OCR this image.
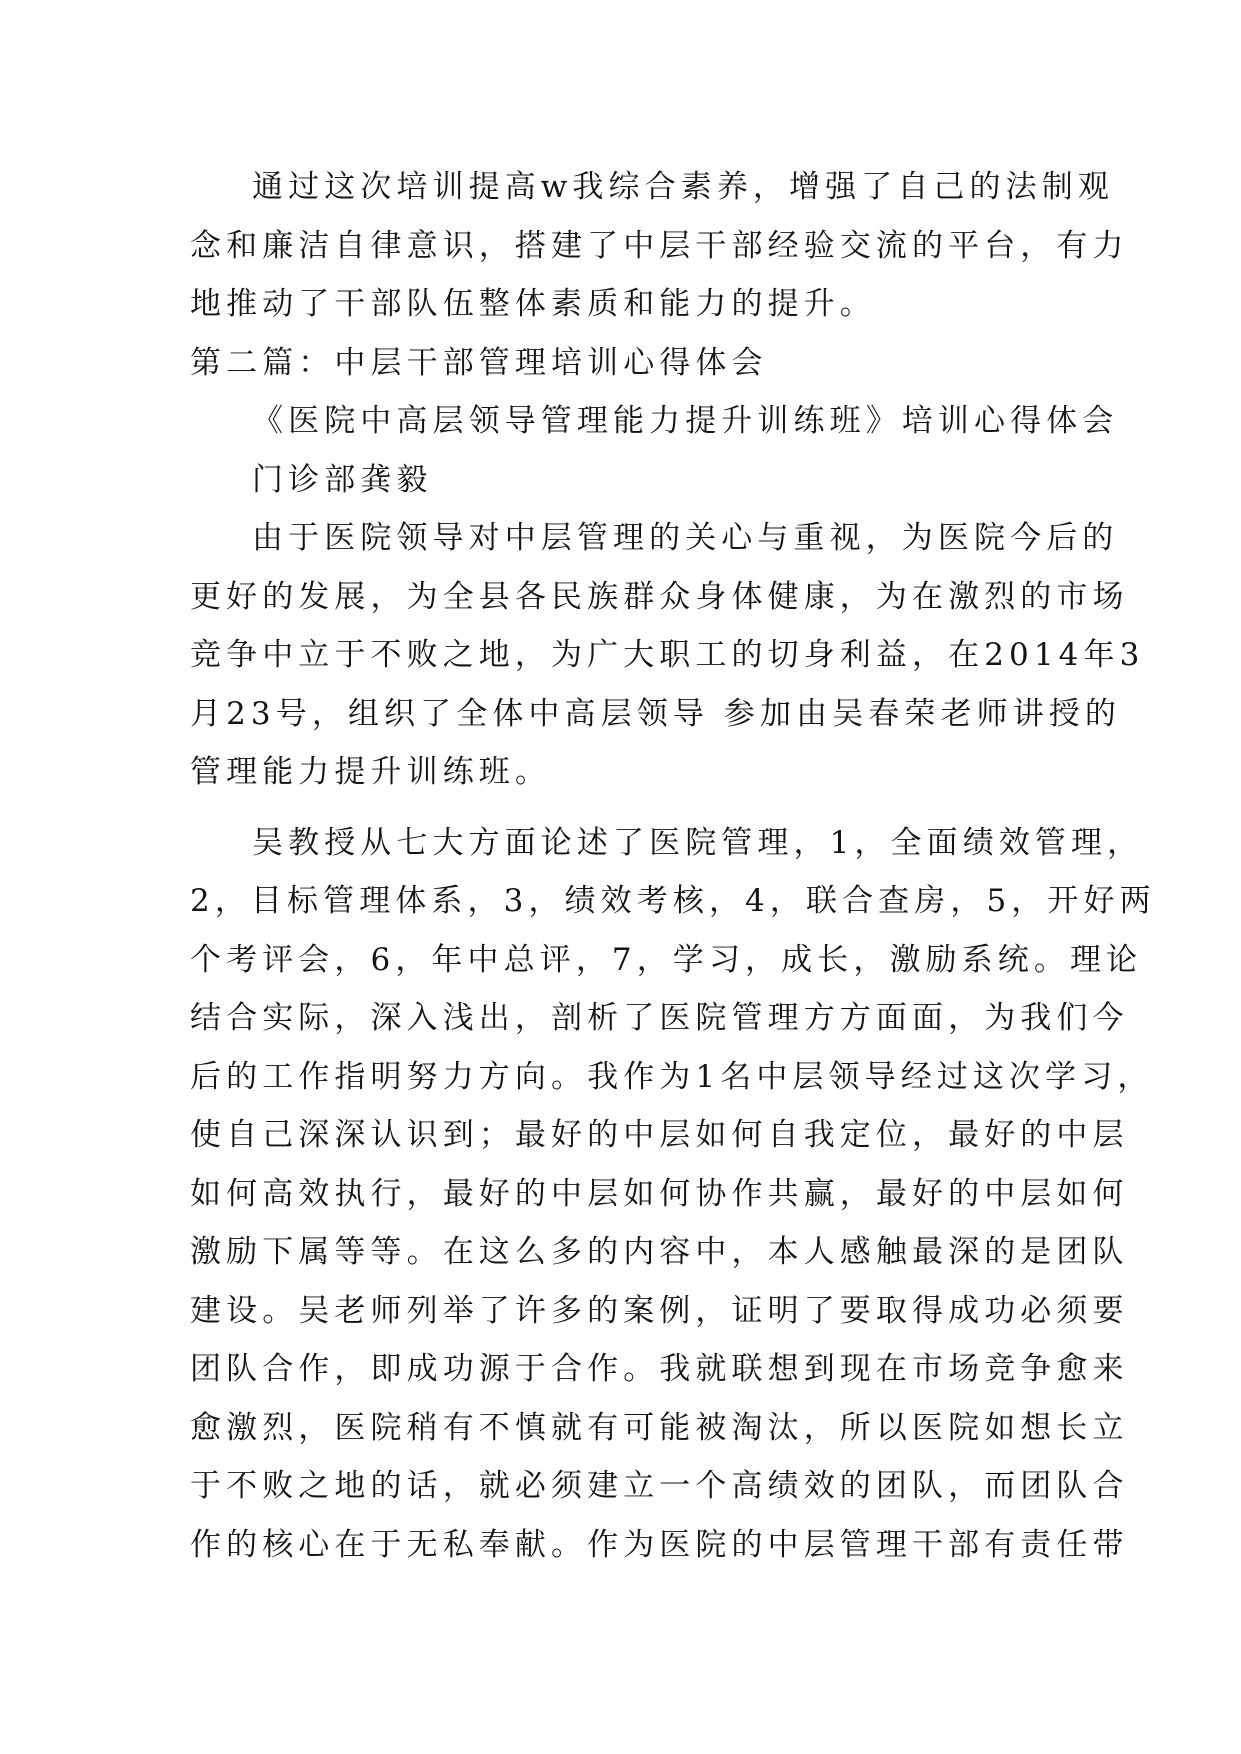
通过这次培训提高w我综合素养，增强了自己的法制观
念和廉洁自律意识，搭建了中层干部经验交流的平台，有力
地推动了干部队伍整体素质和能力的提升。
第二篇：中层干部管理培训心得体会
《医院中高层领导管理能力提升训练班》培训心得体会
门诊部龚毅
由于医院领导对中层管理的关心与重视，为医院今后的
更好的发展，为全县各民族群众身体健康，为在激烈的市场
竞争中立于不败之地，为广大职工的切身利益，在2014年3
月23号，组织了全体中高层领导 参加由吴春荣老师讲授的
管理能力提升训练班。
吴教授从七大方面论述了医院管理，1，全面绩效管理，
2，目标管理体系，3，绩效考核，4，联合查房，5，开好两
个考评会，6，年中总评，7，学习，成长，激励系统。理论
结合实际，深入浅出，剖析了医院管理方方面面，为我们今
后的工作指明努力方向。我作为1名中层领导经过这次学习，
使自己深深认识到；最好的中层如何自我定位，最好的中层
如何高效执行，最好的中层如何协作共赢，最好的中层如何
激励下属等等。在这么多的内容中，本人感触最深的是团队
建设。吴老师列举了许多的案例，证明了要取得成功必须要
团队合作，即成功源于合作。我就联想到现在市场竞争愈来
愈激烈，医院稍有不慎就有可能被淘汰，所以医院如想长立
于不败之地的话，就必须建立一个高绩效的团队，而团队合
作的核心在于无私奉献。作为医院的中层管理干部有责任带
